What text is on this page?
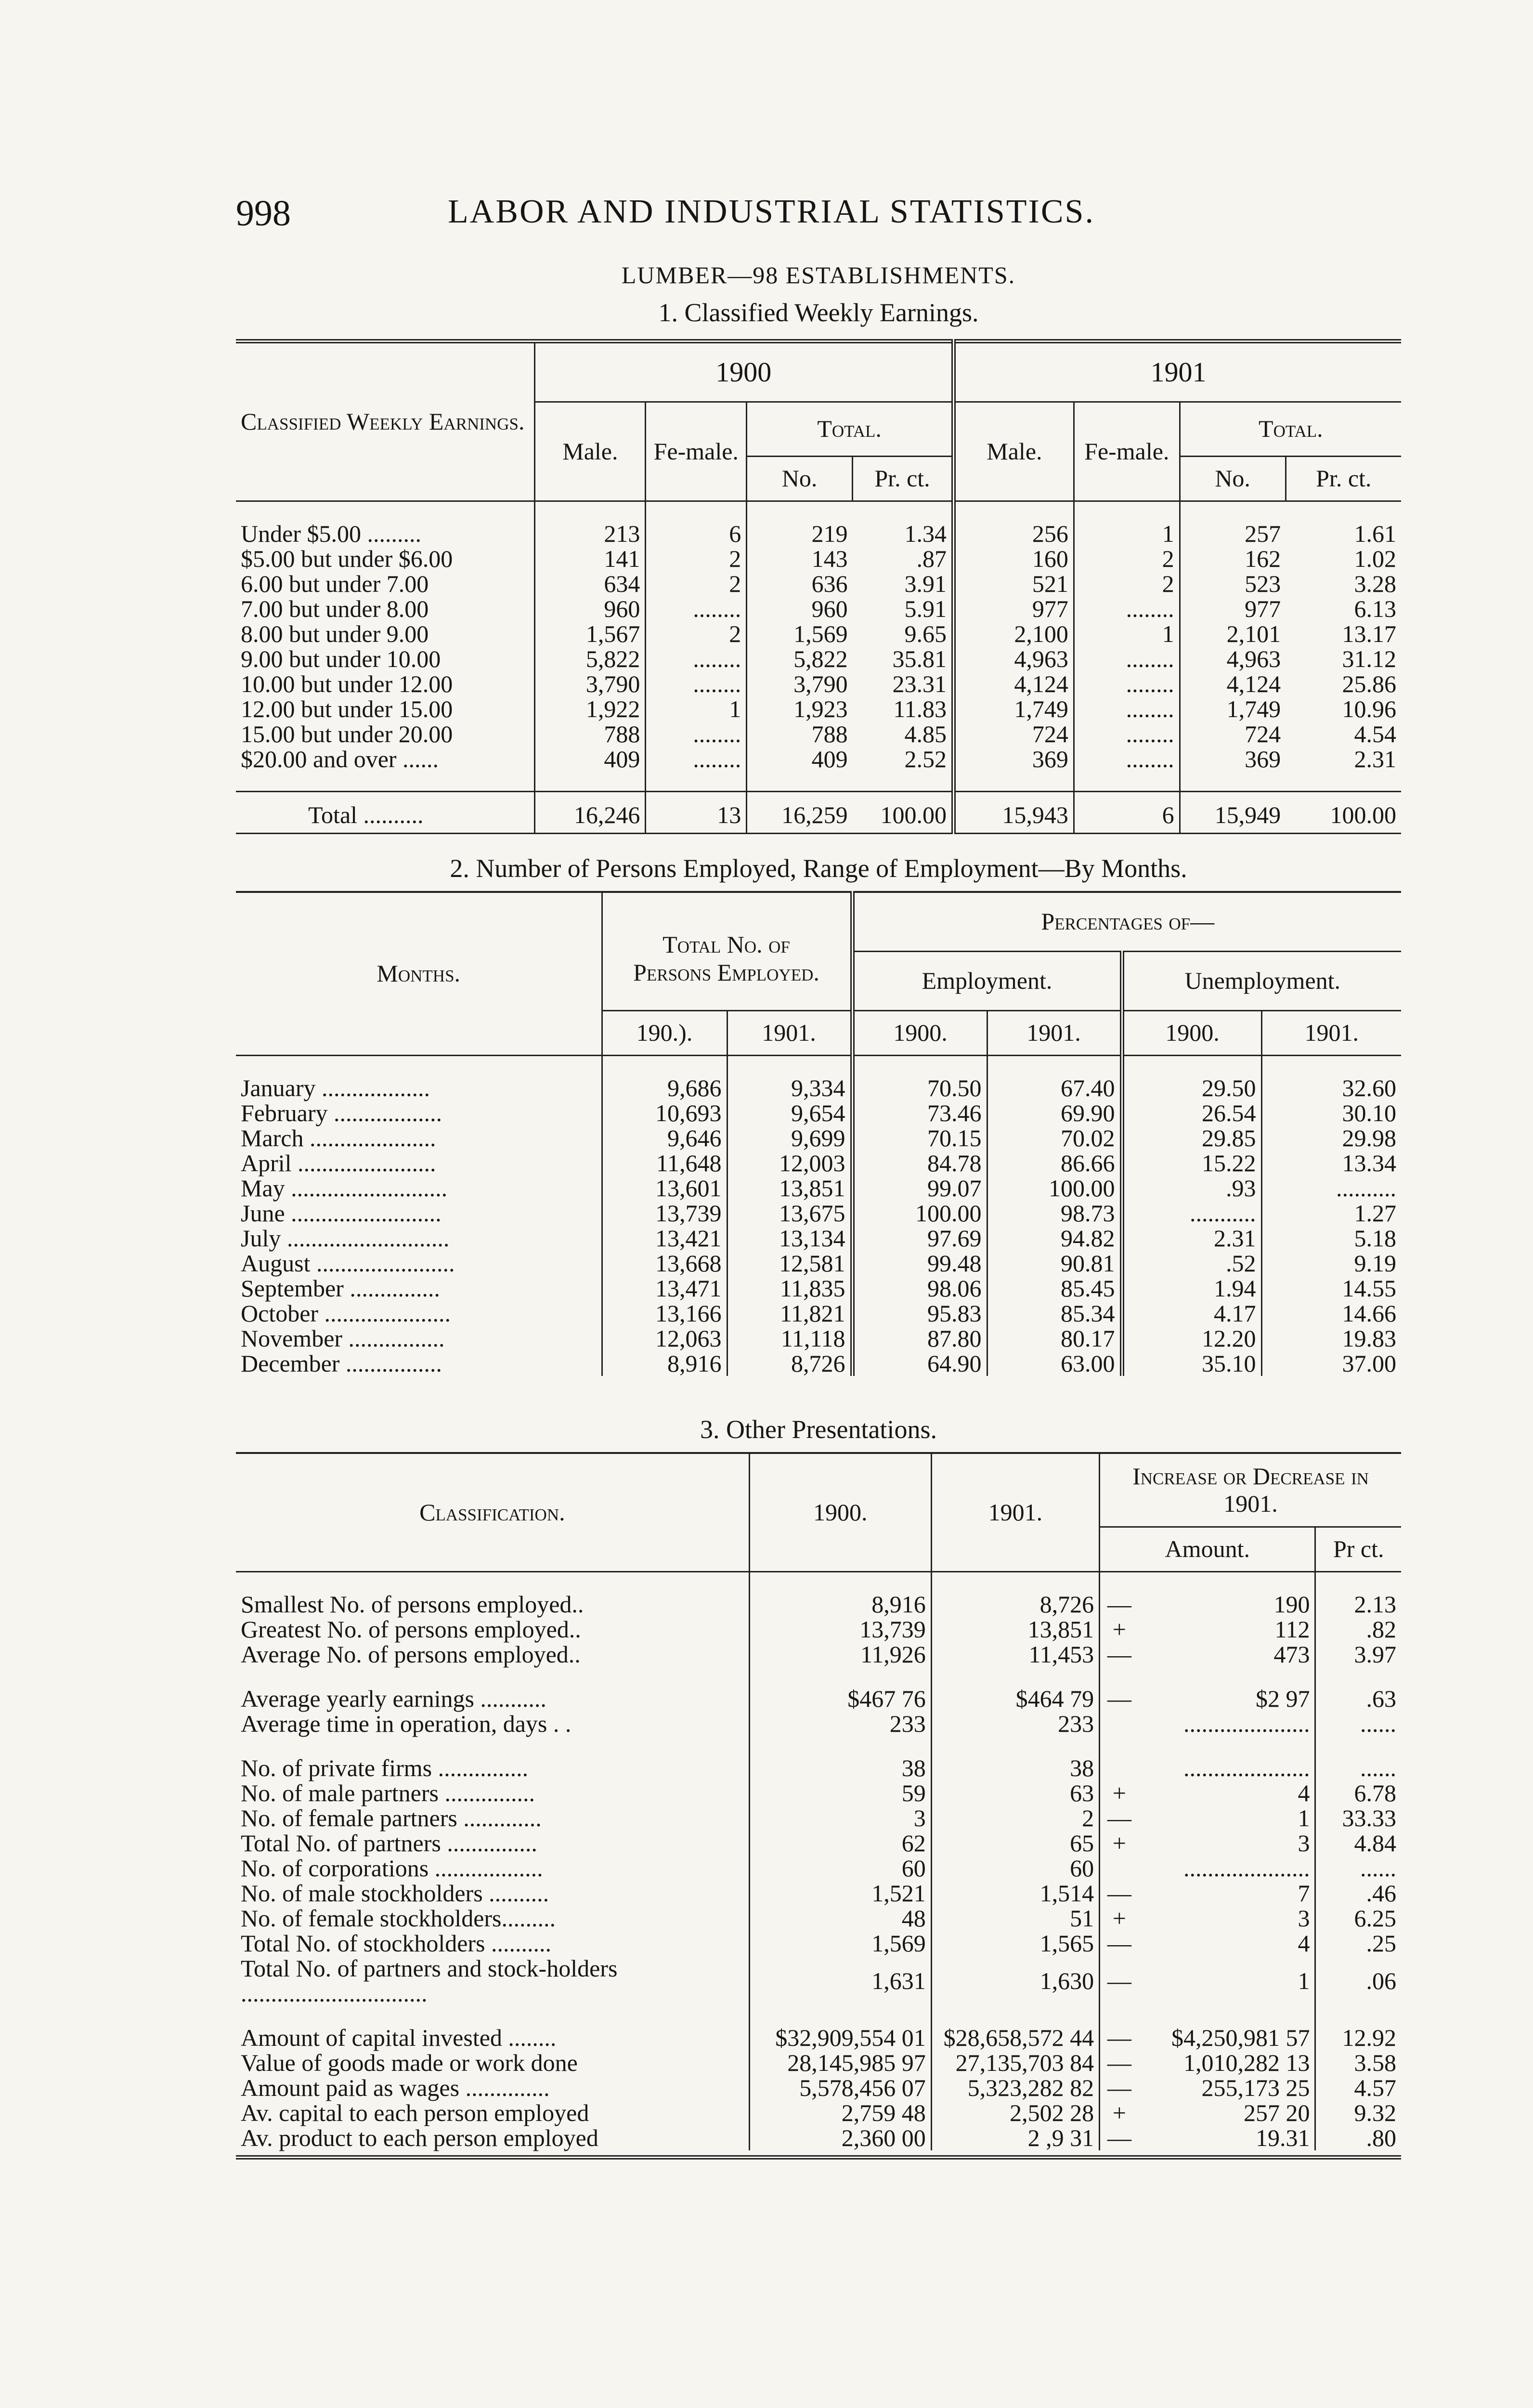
998	LABOR AND INDUSTRIAL STATISTICS.
LUMBER—98 ESTABLISHMENTS.
1. Classified Weekly Earnings.
Classified Weekly Earnings.	1900				1901			
	Male.	Fe-male.	Total.		Male.	Fe-male.	Total.	
			No.	Pr. ct.			No.	Pr. ct.

Under $5.00 .........	213	6	219	1.34	256	1	257	1.61
$5.00 but under $6.00	141	2	143	.87	160	2	162	1.02
6.00 but under 7.00	634	2	636	3.91	521	2	523	3.28
7.00 but under 8.00	960	........	960	5.91	977	........	977	6.13
8.00 but under 9.00	1,567	2	1,569	9.65	2,100	1	2,101	13.17
9.00 but under 10.00	5,822	........	5,822	35.81	4,963	........	4,963	31.12
10.00 but under 12.00	3,790	........	3,790	23.31	4,124	........	4,124	25.86
12.00 but under 15.00	1,922	1	1,923	11.83	1,749	........	1,749	10.96
15.00 but under 20.00	788	........	788	4.85	724	........	724	4.54
$20.00 and over ......	409	........	409	2.52	369	........	369	2.31

Total ..........	16,246	13	16,259	100.00	15,943	6	15,949	100.00
2. Number of Persons Employed, Range of Employment—By Months.
Months.	Total No. of Persons Employed.		Percentages of—			
			Employment.		Unemployment.	
	190.).	1901.	1900.	1901.	1900.	1901.

January ..................	9,686	9,334	70.50	67.40	29.50	32.60
February ..................	10,693	9,654	73.46	69.90	26.54	30.10
March .....................	9,646	9,699	70.15	70.02	29.85	29.98
April .......................	11,648	12,003	84.78	86.66	15.22	13.34
May ..........................	13,601	13,851	99.07	100.00	.93	..........
June .........................	13,739	13,675	100.00	98.73	...........	1.27
July ...........................	13,421	13,134	97.69	94.82	2.31	5.18
August .......................	13,668	12,581	99.48	90.81	.52	9.19
September ...............	13,471	11,835	98.06	85.45	1.94	14.55
October .....................	13,166	11,821	95.83	85.34	4.17	14.66
November ................	12,063	11,118	87.80	80.17	12.20	19.83
December ................	8,916	8,726	64.90	63.00	35.10	37.00
3. Other Presentations.
Classification.	1900.	1901.	Increase or Decrease in 1901.		
			Amount.		Pr ct.

Smallest No. of persons employed..	8,916	8,726	—	190	2.13
Greatest No. of persons employed..	13,739	13,851	+	112	.82
Average No. of persons employed..	11,926	11,453	—	473	3.97

Average yearly earnings ...........	$467 76	$464 79	—	$2 97	.63
Average time in operation, days . .	233	233		.....................	......

No. of private firms ...............	38	38		.....................	......
No. of male partners ...............	59	63	+	4	6.78
No. of female partners .............	3	2	—	1	33.33
Total No. of partners ...............	62	65	+	3	4.84
No. of corporations ..................	60	60		.....................	......
No. of male stockholders ..........	1,521	1,514	—	7	.46
No. of female stockholders.........	48	51	+	3	6.25
Total No. of stockholders ..........	1,569	1,565	—	4	.25
Total No. of partners and stock-holders ...............................	1,631	1,630	—	1	.06

Amount of capital invested ........	$32,909,554 01	$28,658,572 44	—	$4,250,981 57	12.92
Value of goods made or work done	28,145,985 97	27,135,703 84	—	1,010,282 13	3.58
Amount paid as wages ..............	5,578,456 07	5,323,282 82	—	255,173 25	4.57
Av. capital to each person employed	2,759 48	2,502 28	+	257 20	9.32
Av. product to each person employed	2,360 00	2 ,9 31	—	19.31	.80
